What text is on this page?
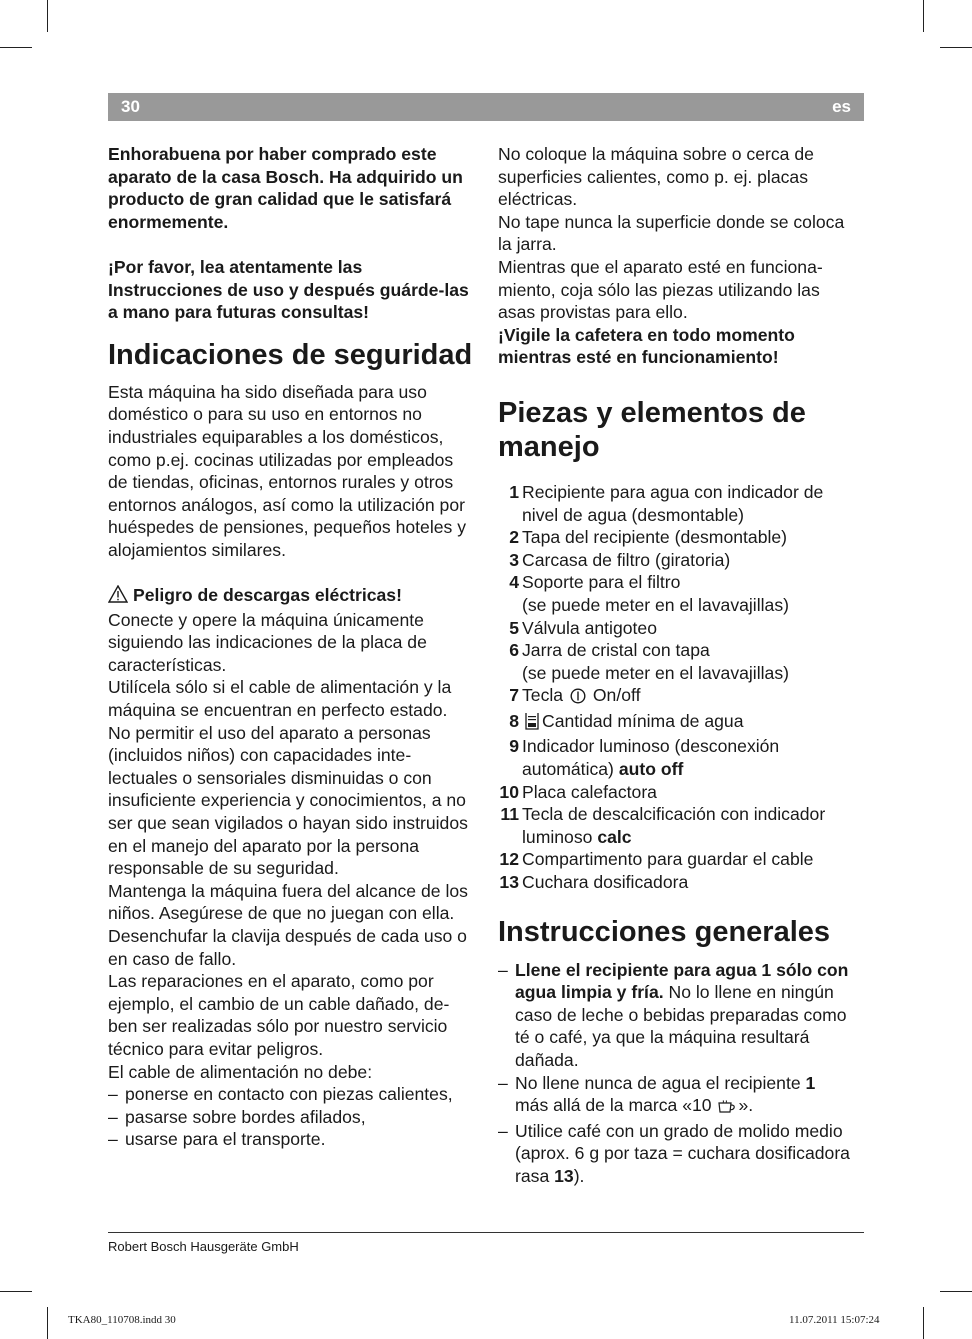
30	es

Enhorabuena por haber comprado este aparato de la casa Bosch. Ha adquirido un producto de gran calidad que le satisfará enormemente.

¡Por favor, lea atentamente las Instrucciones de uso y después guárde-las a mano para futuras consultas!

Indicaciones de seguridad

Esta máquina ha sido diseñada para uso doméstico o para su uso en entornos no industriales equiparables a los domésticos, como p.ej. cocinas utilizadas por empleados de tiendas, oficinas, entornos rurales y otros entornos análogos, así como la utilización por huéspedes de pensiones, pequeños hoteles y alojamientos similares.

Peligro de descargas eléctricas!

Conecte y opere la máquina únicamente siguiendo las indicaciones de la placa de características.

Utilícela sólo si el cable de alimentación y la máquina se encuentran en perfecto estado.

No permitir el uso del aparato a personas (incluidos niños) con capacidades inte-lectuales o sensoriales disminuidas o con insuficiente experiencia y conocimientos, a no ser que sean vigilados o hayan sido instruidos en el manejo del aparato por la persona responsable de su seguridad.

Mantenga la máquina fuera del alcance de los niños. Asegúrese de que no juegan con ella.

Desenchufar la clavija después de cada uso o en caso de fallo.

Las reparaciones en el aparato, como por ejemplo, el cambio de un cable dañado, de-ben ser realizadas sólo por nuestro servicio técnico para evitar peligros.

El cable de alimentación no debe:

– ponerse en contacto con piezas calientes,
– pasarse sobre bordes afilados,
– usarse para el transporte.

No coloque la máquina sobre o cerca de superficies calientes, como p. ej. placas eléctricas.

No tape nunca la superficie donde se coloca la jarra.

Mientras que el aparato esté en funciona-miento, coja sólo las piezas utilizando las asas provistas para ello.

¡Vigile la cafetera en todo momento mientras esté en funcionamiento!

Piezas y elementos de manejo
1 Recipiente para agua con indicador de nivel de agua (desmontable)
2 Tapa del recipiente (desmontable)
3 Carcasa de filtro (giratoria)
4 Soporte para el filtro
(se puede meter en el lavavajillas)
5 Válvula antigoteo
6 Jarra de cristal con tapa
(se puede meter en el lavavajillas)
7 Tecla On/off
8	Cantidad mínima de agua
9 Indicador luminoso (desconexión automática) auto off
10 Placa calefactora
11 Tecla de descalcificación con indicador luminoso calc
12 Compartimento para guardar el cable
13 Cuchara dosificadora
Instrucciones generales
– Llene el recipiente para agua 1 sólo con agua limpia y fría. No lo llene en ningún caso de leche o bebidas preparadas como té o café, ya que la máquina resultará dañada.
– No llene nunca de agua el recipiente 1 más allá de la marca «10 ».
– Utilice café con un grado de molido medio (aprox. 6 g por taza = cuchara dosificadora rasa 13).
Robert Bosch Hausgeräte GmbH
TKA80_110708.indd 30	11.07.2011 15:07:24
